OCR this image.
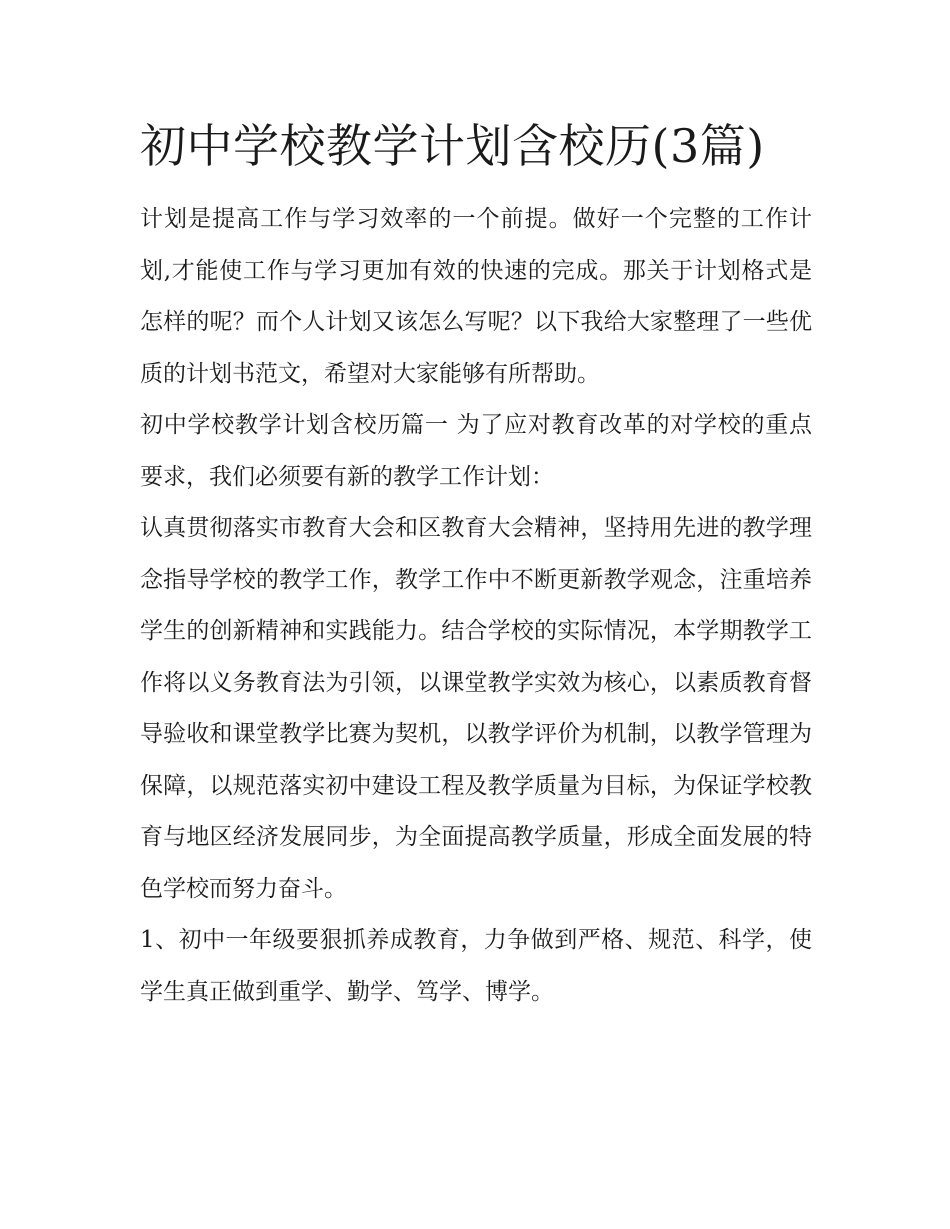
初中学校教学计划含校历(3篇)

计划是提高工作与学习效率的一个前提。做好一个完整的工作计划,才能使工作与学习更加有效的快速的完成。那关于计划格式是怎样的呢？而个人计划又该怎么写呢？以下我给大家整理了一些优质的计划书范文，希望对大家能够有所帮助。

初中学校教学计划含校历篇一 为了应对教育改革的对学校的重点要求，我们必须要有新的教学工作计划：

认真贯彻落实市教育大会和区教育大会精神，坚持用先进的教学理念指导学校的教学工作，教学工作中不断更新教学观念，注重培养学生的创新精神和实践能力。结合学校的实际情况，本学期教学工作将以义务教育法为引领，以课堂教学实效为核心，以素质教育督导验收和课堂教学比赛为契机，以教学评价为机制，以教学管理为保障，以规范落实初中建设工程及教学质量为目标，为保证学校教育与地区经济发展同步，为全面提高教学质量，形成全面发展的特色学校而努力奋斗。

1、初中一年级要狠抓养成教育，力争做到严格、规范、科学，使学生真正做到重学、勤学、笃学、博学。
